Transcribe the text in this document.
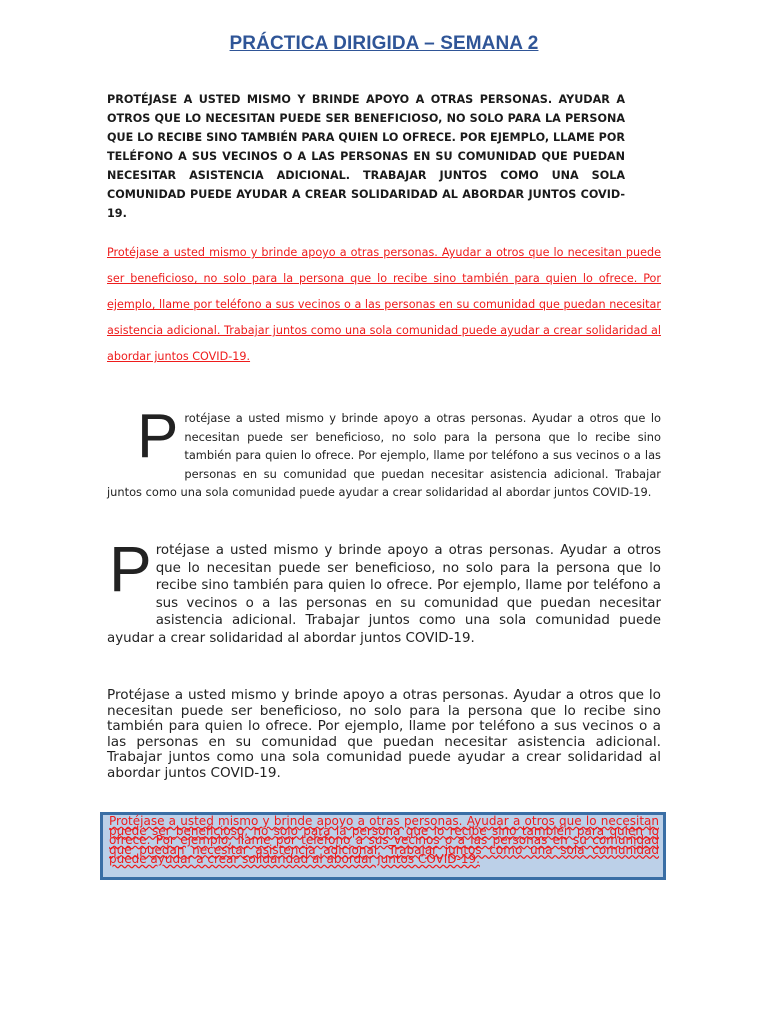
PRÁCTICA DIRIGIDA – SEMANA 2
PROTÉJASE A USTED MISMO Y BRINDE APOYO A OTRAS PERSONAS. AYUDAR A OTROS QUE LO NECESITAN PUEDE SER BENEFICIOSO, NO SOLO PARA LA PERSONA QUE LO RECIBE SINO TAMBIÉN PARA QUIEN LO OFRECE. POR EJEMPLO, LLAME POR TELÉFONO A SUS VECINOS O A LAS PERSONAS EN SU COMUNIDAD QUE PUEDAN NECESITAR ASISTENCIA ADICIONAL. TRABAJAR JUNTOS COMO UNA SOLA COMUNIDAD PUEDE AYUDAR A CREAR SOLIDARIDAD AL ABORDAR JUNTOS COVID-19.
Protéjase a usted mismo y brinde apoyo a otras personas. Ayudar a otros que lo necesitan puede ser beneficioso, no solo para la persona que lo recibe sino también para quien lo ofrece. Por ejemplo, llame por teléfono a sus vecinos o a las personas en su comunidad que puedan necesitar asistencia adicional. Trabajar juntos como una sola comunidad puede ayudar a crear solidaridad al abordar juntos COVID-19.
P rotéjase a usted mismo y brinde apoyo a otras personas. Ayudar a otros que lo necesitan puede ser beneficioso, no solo para la persona que lo recibe sino también para quien lo ofrece. Por ejemplo, llame por teléfono a sus vecinos o a las personas en su comunidad que puedan necesitar asistencia adicional. Trabajar juntos como una sola comunidad puede ayudar a crear solidaridad al abordar juntos COVID-19.
P rotéjase a usted mismo y brinde apoyo a otras personas. Ayudar a otros que lo necesitan puede ser beneficioso, no solo para la persona que lo recibe sino también para quien lo ofrece. Por ejemplo, llame por teléfono a sus vecinos o a las personas en su comunidad que puedan necesitar asistencia adicional. Trabajar juntos como una sola comunidad puede ayudar a crear solidaridad al abordar juntos COVID-19.
Protéjase a usted mismo y brinde apoyo a otras personas. Ayudar a otros que lo necesitan puede ser beneficioso, no solo para la persona que lo recibe sino también para quien lo ofrece. Por ejemplo, llame por teléfono a sus vecinos o a las personas en su comunidad que puedan necesitar asistencia adicional. Trabajar juntos como una sola comunidad puede ayudar a crear solidaridad al abordar juntos COVID-19.
Protéjase a usted mismo y brinde apoyo a otras personas. Ayudar a otros que lo necesitan puede ser beneficioso, no solo para la persona que lo recibe sino también para quien lo ofrece. Por ejemplo, llame por teléfono a sus vecinos o a las personas en su comunidad que puedan necesitar asistencia adicional. Trabajar juntos como una sola comunidad puede ayudar a crear solidaridad al abordar juntos COVID-19.
